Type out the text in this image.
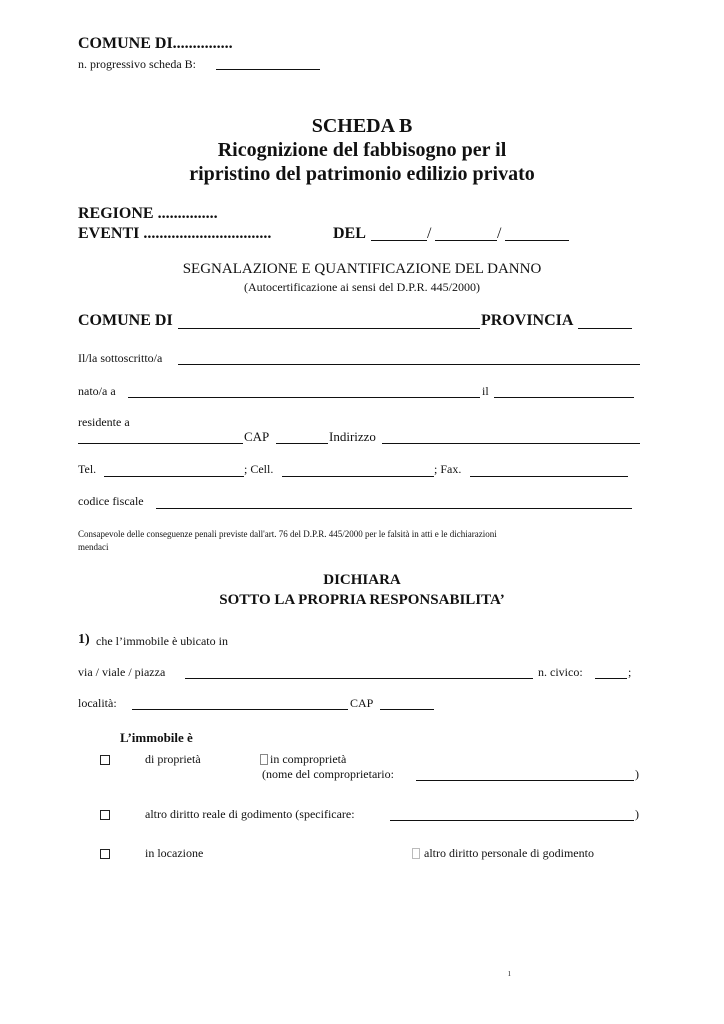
COMUNE DI...............
n. progressivo scheda B:
SCHEDA B
Ricognizione del fabbisogno per il
ripristino del patrimonio edilizio privato
REGIONE ...............
EVENTI ................................	DEL	/	/
SEGNALAZIONE E QUANTIFICAZIONE DEL DANNO
(Autocertificazione ai sensi del D.P.R. 445/2000)
COMUNE DI	PROVINCIA
Il/la sottoscritto/a
nato/a a	il
residente a
CAP	Indirizzo
Tel.	; Cell.	; Fax.
codice fiscale
Consapevole delle conseguenze penali previste dall'art. 76 del D.P.R. 445/2000 per le falsità in atti e le dichiarazioni
mendaci
DICHIARA
SOTTO LA PROPRIA RESPONSABILITA’
1) che l’immobile è ubicato in
via / viale / piazza	n. civico:	;
località:	CAP
L’immobile è
di proprietà	in comproprietà
(nome del comproprietario:	)
altro diritto reale di godimento (specificare:	)
in locazione	altro diritto personale di godimento
ı
